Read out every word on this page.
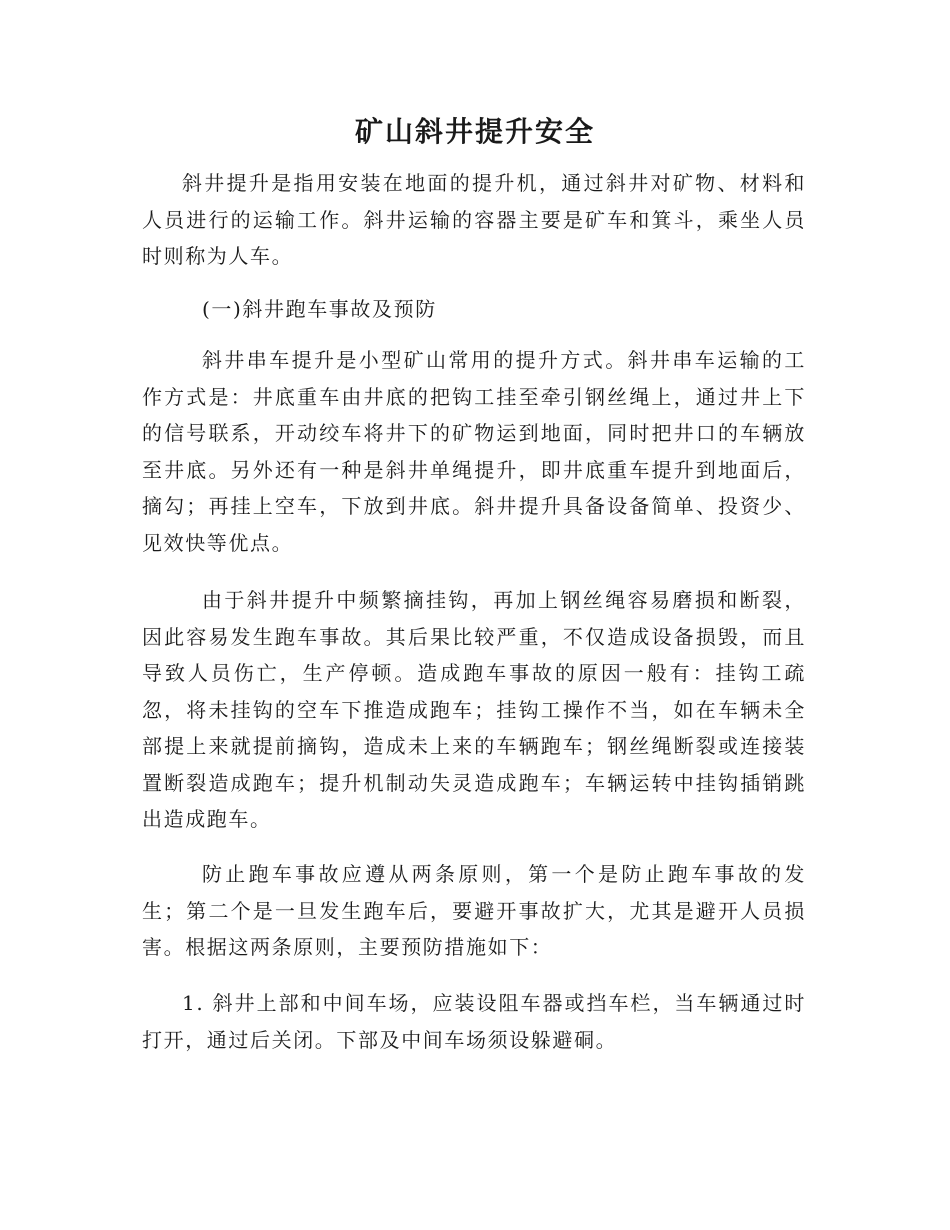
矿山斜井提升安全

斜井提升是指用安装在地面的提升机，通过斜井对矿物、材料和人员进行的运输工作。斜井运输的容器主要是矿车和箕斗，乘坐人员时则称为人车。

(一)斜井跑车事故及预防

斜井串车提升是小型矿山常用的提升方式。斜井串车运输的工作方式是：井底重车由井底的把钩工挂至牵引钢丝绳上，通过井上下的信号联系，开动绞车将井下的矿物运到地面，同时把井口的车辆放至井底。另外还有一种是斜井单绳提升，即井底重车提升到地面后，摘勾；再挂上空车，下放到井底。斜井提升具备设备简单、投资少、见效快等优点。

由于斜井提升中频繁摘挂钩，再加上钢丝绳容易磨损和断裂，因此容易发生跑车事故。其后果比较严重，不仅造成设备损毁，而且导致人员伤亡，生产停顿。造成跑车事故的原因一般有：挂钩工疏忽，将未挂钩的空车下推造成跑车；挂钩工操作不当，如在车辆未全部提上来就提前摘钩，造成未上来的车辆跑车；钢丝绳断裂或连接装置断裂造成跑车；提升机制动失灵造成跑车；车辆运转中挂钩插销跳出造成跑车。

防止跑车事故应遵从两条原则，第一个是防止跑车事故的发生；第二个是一旦发生跑车后，要避开事故扩大，尤其是避开人员损害。根据这两条原则，主要预防措施如下：

1. 斜井上部和中间车场，应装设阻车器或挡车栏，当车辆通过时打开，通过后关闭。下部及中间车场须设躲避硐。
